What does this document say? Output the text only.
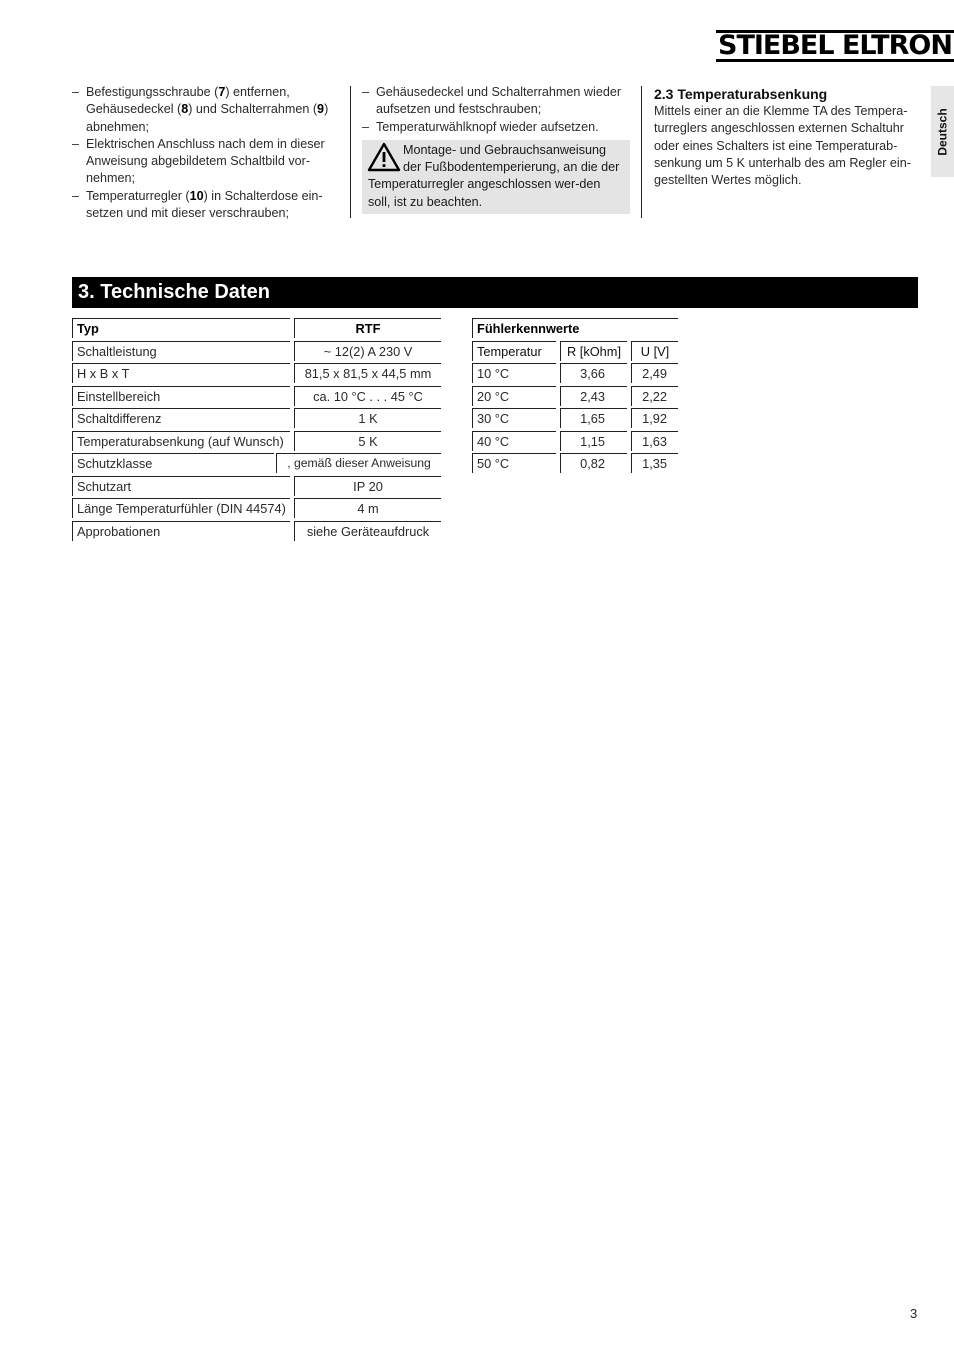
STIEBEL ELTRON
Deutsch
– Befestigungsschraube (7) entfernen, Gehäusedeckel (8) und Schalterrahmen (9) abnehmen;
– Elektrischen Anschluss nach dem in dieser Anweisung abgebildetem Schaltbild vor-nehmen;
– Temperaturregler (10) in Schalterdose ein-setzen und mit dieser verschrauben;
– Gehäusedeckel und Schalterrahmen wieder aufsetzen und festschrauben;
– Temperaturwählknopf wieder aufsetzen.
Montage- und Gebrauchsanweisung der Fußbodentemperierung, an die der Temperaturregler angeschlossen wer-den soll, ist zu beachten.
2.3 Temperaturabsenkung
Mittels einer an die Klemme TA des Tempera-turreglers angeschlossen externen Schaltuhr oder eines Schalters ist eine Temperaturab-senkung um 5 K unterhalb des am Regler ein-gestellten Wertes möglich.
3. Technische Daten
Typ	RTF
Schaltleistung	~ 12(2) A 230 V
H x B x T	81,5 x 81,5 x 44,5 mm
Einstellbereich	ca. 10 °C . . . 45 °C
Schaltdifferenz	1 K
Temperaturabsenkung (auf Wunsch)	5 K
Schutzklasse	, gemäß dieser Anweisung
Schutzart	IP 20
Länge Temperaturfühler (DIN 44574)	4 m
Approbationen	siehe Geräteaufdruck
Fühlerkennwerte
Temperatur	R [kOhm]	U [V]
10 °C	3,66	2,49
20 °C	2,43	2,22
30 °C	1,65	1,92
40 °C	1,15	1,63
50 °C	0,82	1,35
3
